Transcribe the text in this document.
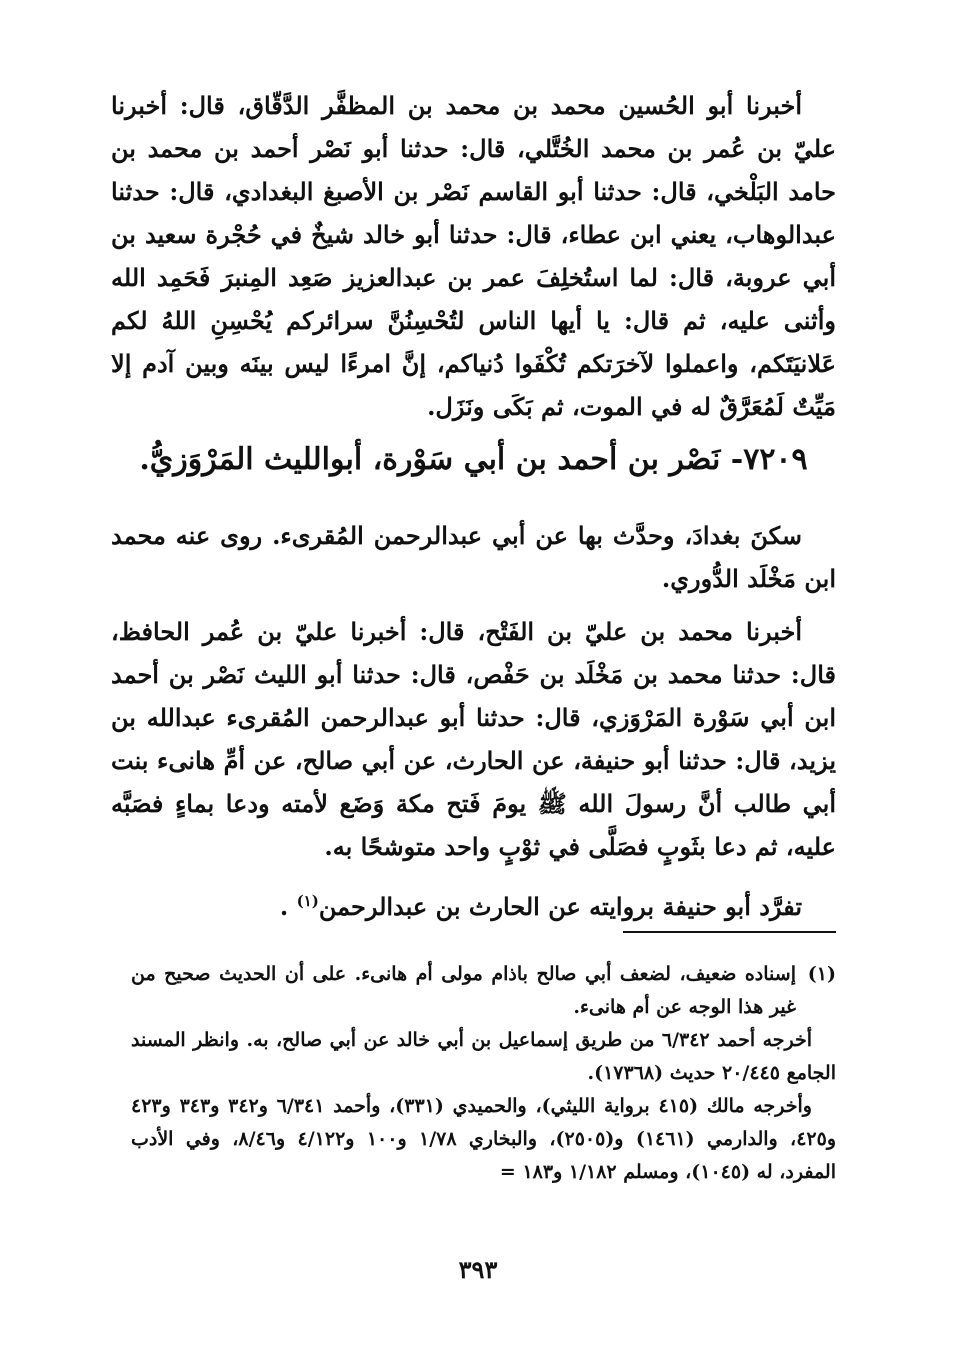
أخبرنا أبو الحُسين محمد بن محمد بن المظفَّر الدَّقّاق، قال: أخبرنا عليّ بن عُمر بن محمد الخُتَّلي، قال: حدثنا أبو نَصْر أحمد بن محمد بن حامد البَلْخي، قال: حدثنا أبو القاسم نَصْر بن الأصبغ البغدادي، قال: حدثنا عبدالوهاب، يعني ابن عطاء، قال: حدثنا أبو خالد شيخٌ في حُجْرة سعيد بن أبي عروبة، قال: لما استُخلِفَ عمر بن عبدالعزيز صَعِد المِنبرَ فَحَمِد الله وأثنى عليه، ثم قال: يا أيها الناس لتُحْسِنُنَّ سرائركم يُحْسِنِ اللهُ لكم عَلانيَتَكم، واعملوا لآخرَتكم تُكْفَوا دُنياكم، إنَّ امرءًا ليس بينَه وبين آدم إلا مَيِّتٌ لَمُعَرَّقٌ له في الموت، ثم بَكَى ونَزَل.

٧٢٠٩- نَصْر بن أحمد بن أبي سَوْرة، أبوالليث المَرْوَزيُّ.

سكنَ بغدادَ، وحدَّث بها عن أبي عبدالرحمن المُقرىء. روى عنه محمد ابن مَخْلَد الدُّوري.

أخبرنا محمد بن عليّ بن الفَتْح، قال: أخبرنا عليّ بن عُمر الحافظ، قال: حدثنا محمد بن مَخْلَد بن حَفْص، قال: حدثنا أبو الليث نَصْر بن أحمد ابن أبي سَوْرة المَرْوَزي، قال: حدثنا أبو عبدالرحمن المُقرىء عبدالله بن يزيد، قال: حدثنا أبو حنيفة، عن الحارث، عن أبي صالح، عن أمِّ هانىء بنت أبي طالب أنَّ رسولَ الله ﷺ يومَ فَتح مكة وَضَع لأمته ودعا بماءٍ فصَبَّه عليه، ثم دعا بثَوبٍ فصَلَّى في ثوْبٍ واحد متوشحًا به.

تفرَّد أبو حنيفة بروايته عن الحارث بن عبدالرحمن$^{(١)}$ .

(١)
إسناده ضعيف، لضعف أبي صالح باذام مولى أم هانىء. على أن الحديث صحيح من غير هذا الوجه عن أم هانىء.
أخرجه أحمد ٦/٣٤٢ من طريق إسماعيل بن أبي خالد عن أبي صالح، به. وانظر المسند الجامع ٢٠/٤٤٥ حديث (١٧٣٦٨).
وأخرجه مالك (٤١٥ برواية الليثي)، والحميدي (٣٣١)، وأحمد ٦/٣٤١ و٣٤٢ و٣٤٣ و٤٢٣ و٤٢٥، والدارمي (١٤٦١) و(٢٥٠٥)، والبخاري ١/٧٨ و١٠٠ و٤/١٢٢ و٨/٤٦، وفي الأدب المفرد، له (١٠٤٥)، ومسلم ١/١٨٢ و١٨٣ =
٣٩٣
